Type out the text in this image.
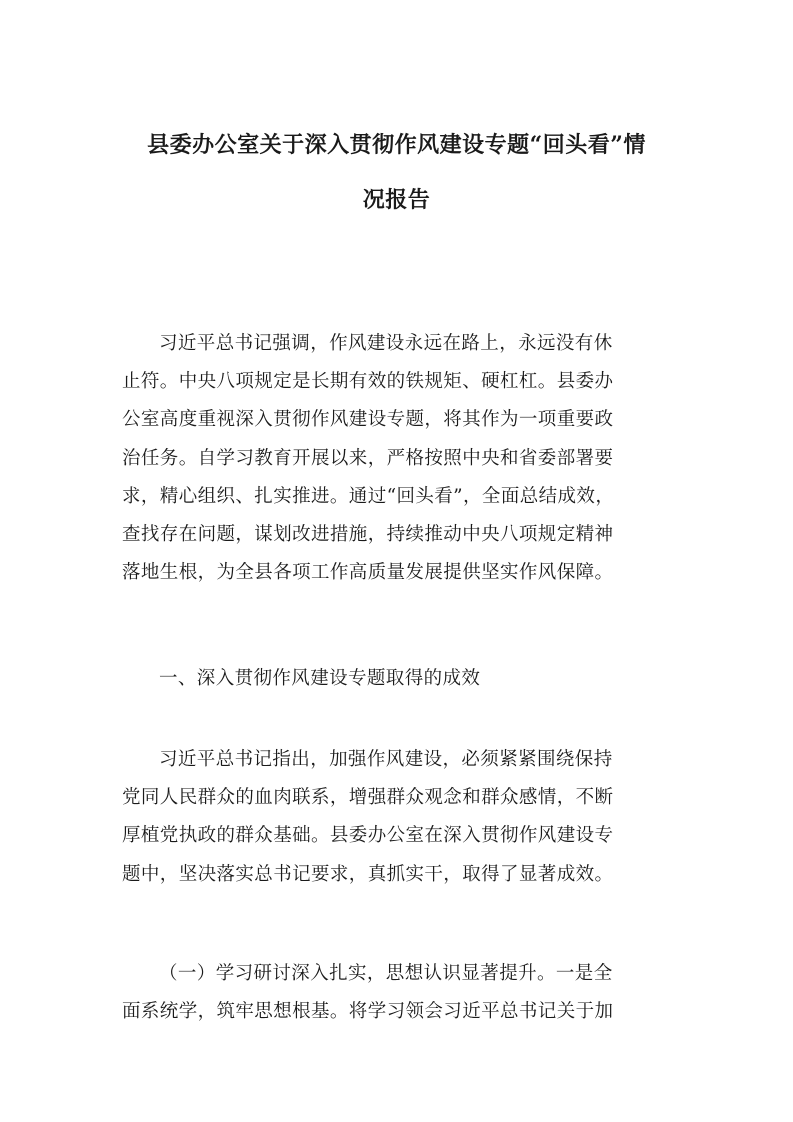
县委办公室关于深入贯彻作风建设专题“回头看”情
况报告
习近平总书记强调，作风建设永远在路上，永远没有休
止符。中央八项规定是长期有效的铁规矩、硬杠杠。县委办
公室高度重视深入贯彻作风建设专题，将其作为一项重要政
治任务。自学习教育开展以来，严格按照中央和省委部署要
求，精心组织、扎实推进。通过“回头看”，全面总结成效，
查找存在问题，谋划改进措施，持续推动中央八项规定精神
落地生根，为全县各项工作高质量发展提供坚实作风保障。
一、深入贯彻作风建设专题取得的成效
习近平总书记指出，加强作风建设，必须紧紧围绕保持
党同人民群众的血肉联系，增强群众观念和群众感情，不断
厚植党执政的群众基础。县委办公室在深入贯彻作风建设专
题中，坚决落实总书记要求，真抓实干，取得了显著成效。
（一）学习研讨深入扎实，思想认识显著提升。一是全
面系统学，筑牢思想根基。将学习领会习近平总书记关于加
